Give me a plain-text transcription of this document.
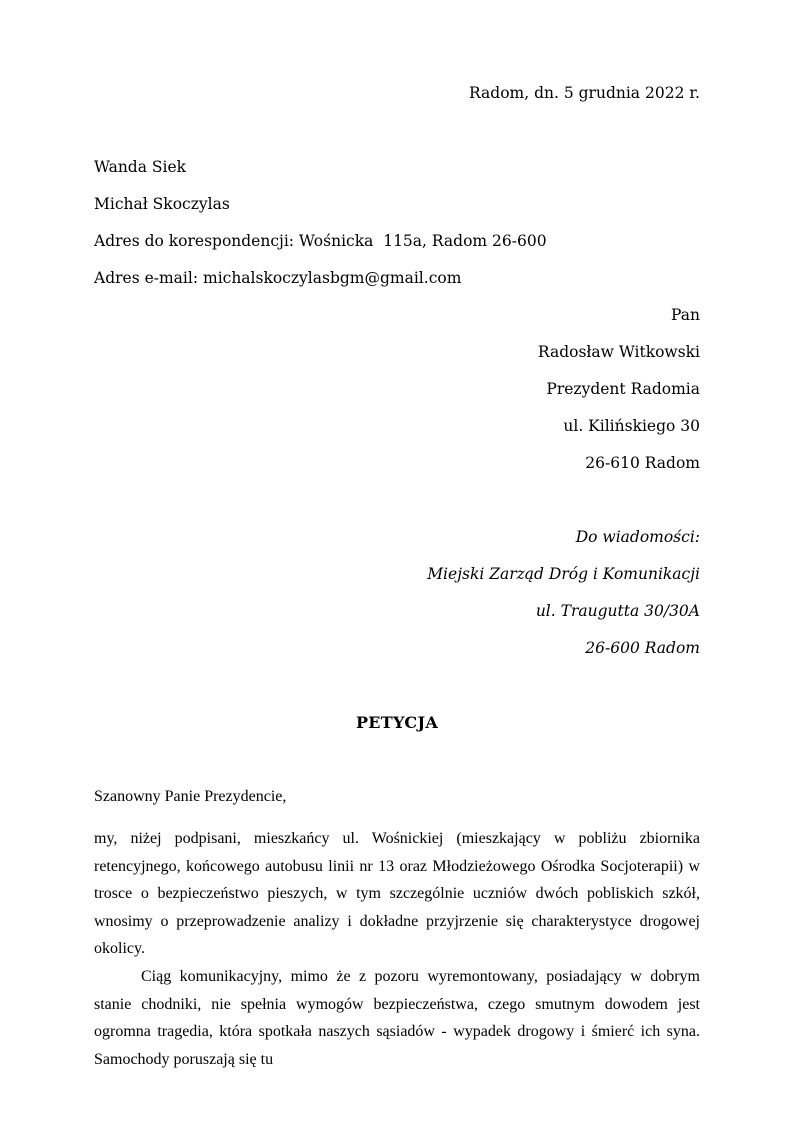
Radom, dn. 5 grudnia 2022 r.
Wanda Siek
Michał Skoczylas
Adres do korespondencji: Wośnicka  115a, Radom 26-600
Adres e-mail: michalskoczylasbgm@gmail.com
Pan
Radosław Witkowski
Prezydent Radomia
ul. Kilińskiego 30
26-610 Radom
Do wiadomości:
Miejski Zarząd Dróg i Komunikacji
ul. Traugutta 30/30A
26-600 Radom
PETYCJA
Szanowny Panie Prezydencie,

my, niżej podpisani, mieszkańcy ul. Wośnickiej (mieszkający w pobliżu zbiornika retencyjnego, końcowego autobusu linii nr 13 oraz Młodzieżowego Ośrodka Socjoterapii) w trosce o bezpieczeństwo pieszych, w tym szczególnie uczniów dwóch pobliskich szkół, wnosimy o przeprowadzenie analizy i dokładne przyjrzenie się charakterystyce drogowej okolicy.

Ciąg komunikacyjny, mimo że z pozoru wyremontowany, posiadający w dobrym stanie chodniki, nie spełnia wymogów bezpieczeństwa, czego smutnym dowodem jest ogromna tragedia, która spotkała naszych sąsiadów - wypadek drogowy i śmierć ich syna. Samochody poruszają się tu
